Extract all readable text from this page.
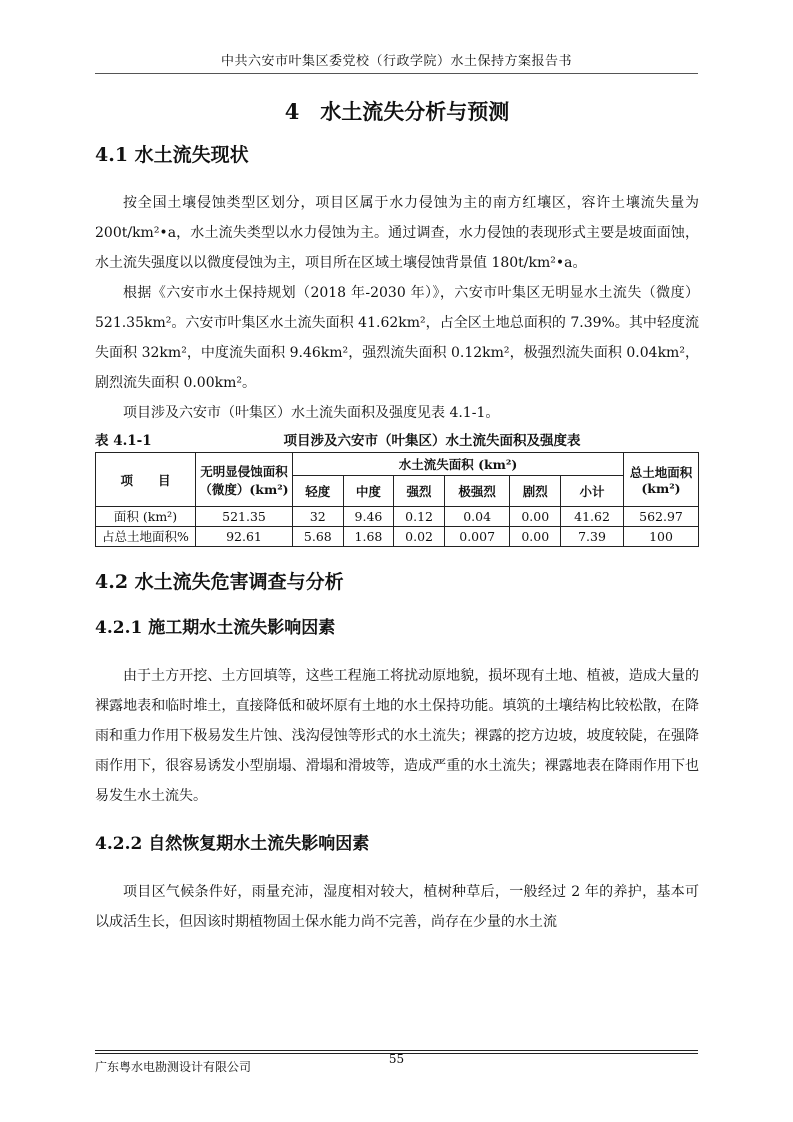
中共六安市叶集区委党校（行政学院）水土保持方案报告书
4　水土流失分析与预测
4.1 水土流失现状

按全国土壤侵蚀类型区划分，项目区属于水力侵蚀为主的南方红壤区，容许土壤流失量为 200t/km²•a，水土流失类型以水力侵蚀为主。通过调查，水力侵蚀的表现形式主要是坡面面蚀，水土流失强度以以微度侵蚀为主，项目所在区域土壤侵蚀背景值 180t/km²•a。

根据《六安市水土保持规划（2018 年-2030 年）》，六安市叶集区无明显水土流失（微度）521.35km²。六安市叶集区水土流失面积 41.62km²，占全区土地总面积的 7.39%。其中轻度流失面积 32km²，中度流失面积 9.46km²，强烈流失面积 0.12km²，极强烈流失面积 0.04km²，剧烈流失面积 0.00km²。

项目涉及六安市（叶集区）水土流失面积及强度见表 4.1-1。

表 4.1-1	项目涉及六安市（叶集区）水土流失面积及强度表
项　　目	无明显侵蚀面积（微度）(km²)	水土流失面积 (km²)						总土地面积(km²)
		轻度	中度	强烈	极强烈	剧烈	小计	
面积 (km²)	521.35	32	9.46	0.12	0.04	0.00	41.62	562.97
占总土地面积%	92.61	5.68	1.68	0.02	0.007	0.00	7.39	100
4.2 水土流失危害调查与分析
4.2.1 施工期水土流失影响因素

由于土方开挖、土方回填等，这些工程施工将扰动原地貌，损坏现有土地、植被，造成大量的裸露地表和临时堆土，直接降低和破坏原有土地的水土保持功能。填筑的土壤结构比较松散，在降雨和重力作用下极易发生片蚀、浅沟侵蚀等形式的水土流失；裸露的挖方边坡，坡度较陡，在强降雨作用下，很容易诱发小型崩塌、滑塌和滑坡等，造成严重的水土流失；裸露地表在降雨作用下也易发生水土流失。

4.2.2 自然恢复期水土流失影响因素

项目区气候条件好，雨量充沛，湿度相对较大，植树种草后，一般经过 2 年的养护，基本可以成活生长，但因该时期植物固土保水能力尚不完善，尚存在少量的水土流

广东粤水电勘测设计有限公司
55
